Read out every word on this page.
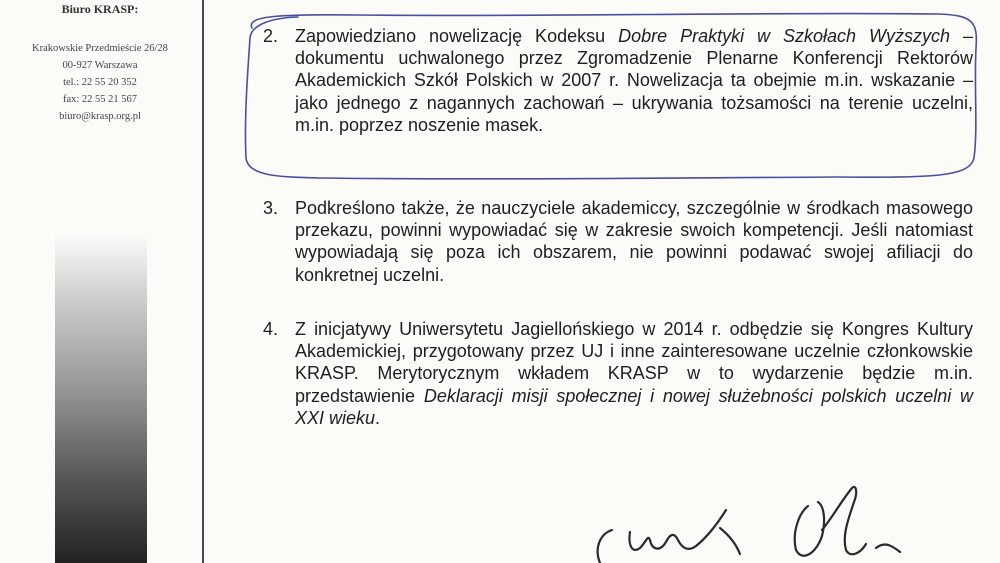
Biuro KRASP:
Krakowskie Przedmieście 26/28
00-927 Warszawa
tel.: 22 55 20 352
fax: 22 55 21 567
biuro@krasp.org.pl
2. Zapowiedziano nowelizację Kodeksu Dobre Praktyki w Szkołach Wyższych – dokumentu uchwalonego przez Zgromadzenie Plenarne Konferencji Rektorów Akademickich Szkół Polskich w 2007 r. Nowelizacja ta obejmie m.in. wskazanie – jako jednego z nagannych zachowań – ukrywania tożsamości na terenie uczelni, m.in. poprzez noszenie masek.
3. Podkreślono także, że nauczyciele akademiccy, szczególnie w środkach masowego przekazu, powinni wypowiadać się w zakresie swoich kompetencji. Jeśli natomiast wypowiadają się poza ich obszarem, nie powinni podawać swojej afiliacji do konkretnej uczelni.
4. Z inicjatywy Uniwersytetu Jagiellońskiego w 2014 r. odbędzie się Kongres Kultury Akademickiej, przygotowany przez UJ i inne zainteresowane uczelnie członkowskie KRASP. Merytorycznym wkładem KRASP w to wydarzenie będzie m.in. przedstawienie Deklaracji misji społecznej i nowej służebności polskich uczelni w XXI wieku.
